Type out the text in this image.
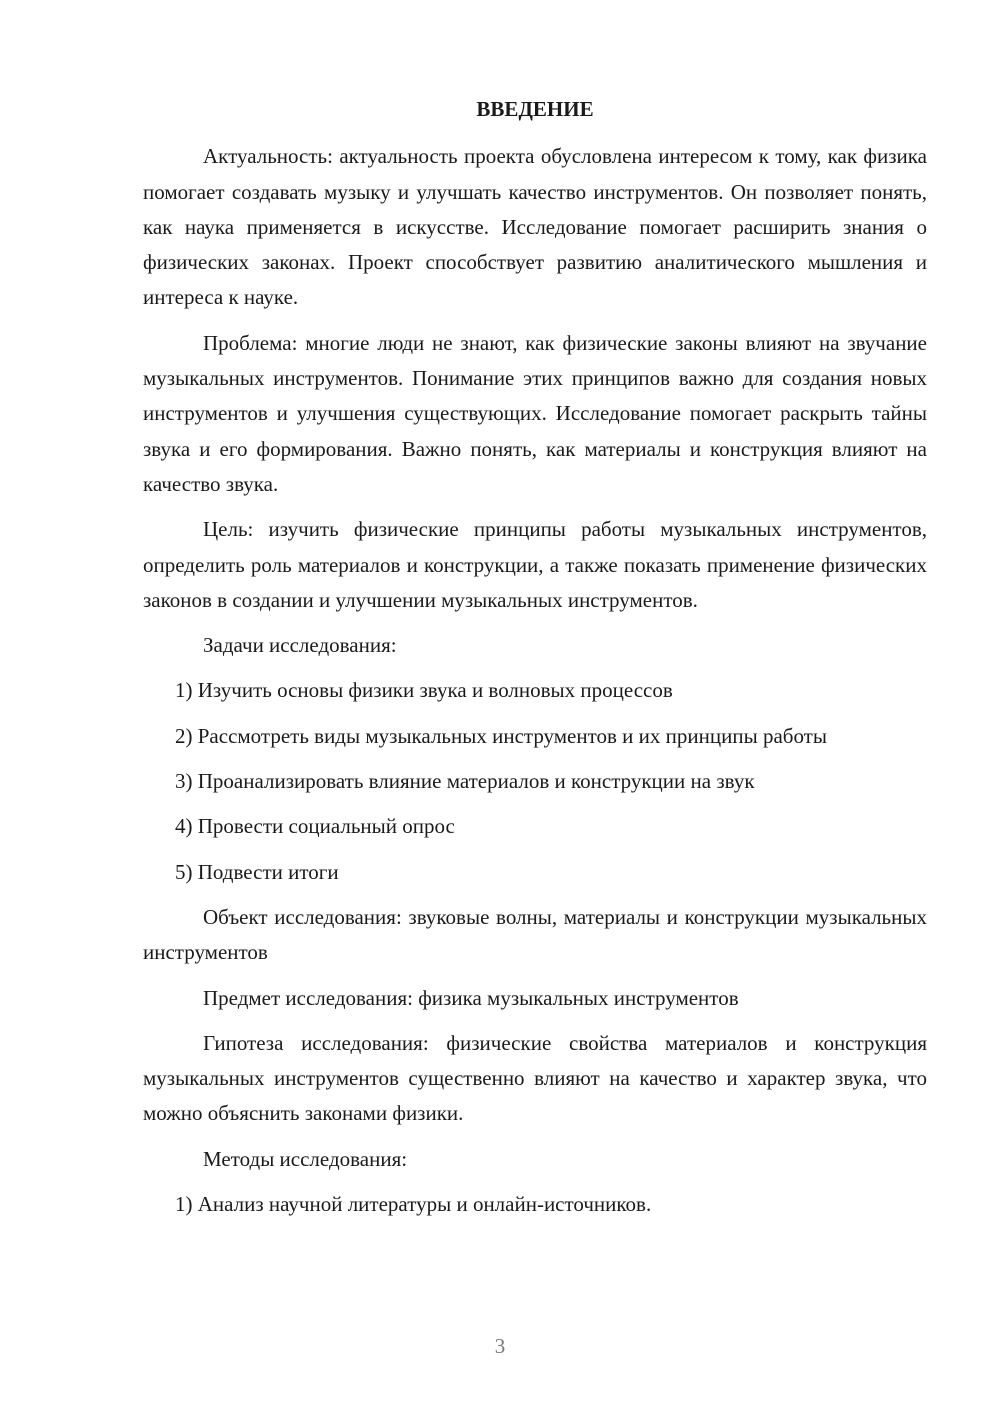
ВВЕДЕНИЕ

Актуальность: актуальность проекта обусловлена интересом к тому, как физика помогает создавать музыку и улучшать качество инструментов. Он позволяет понять, как наука применяется в искусстве. Исследование помогает расширить знания о физических законах. Проект способствует развитию аналитического мышления и интереса к науке.

Проблема: многие люди не знают, как физические законы влияют на звучание музыкальных инструментов. Понимание этих принципов важно для создания новых инструментов и улучшения существующих. Исследование помогает раскрыть тайны звука и его формирования. Важно понять, как материалы и конструкция влияют на качество звука.

Цель: изучить физические принципы работы музыкальных инструментов, определить роль материалов и конструкции, а также показать применение физических законов в создании и улучшении музыкальных инструментов.

Задачи исследования:

1) Изучить основы физики звука и волновых процессов

2) Рассмотреть виды музыкальных инструментов и их принципы работы

3) Проанализировать влияние материалов и конструкции на звук

4) Провести социальный опрос

5) Подвести итоги

Объект исследования: звуковые волны, материалы и конструкции музыкальных инструментов

Предмет исследования: физика музыкальных инструментов

Гипотеза исследования: физические свойства материалов и конструкция музыкальных инструментов существенно влияют на качество и характер звука, что можно объяснить законами физики.

Методы исследования:

1) Анализ научной литературы и онлайн-источников.

3
